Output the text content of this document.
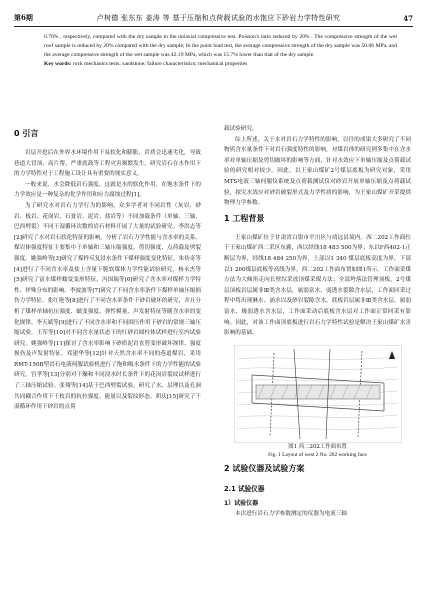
第6期	卢树德 张东东 姜涛 等 基于压缩和点荷载试验的水饱应下砂岩力学特性研究	47
6.70% , respectively, compared with the dry sample in the uniaxial compressive test. Poisson's ratio reduced by 20% . The compressive strength of the wet roof sample is reduced by 20% compared with the dry sample; In the point load test, the average compressive strength of the dry sample was 50.06 MPa, and the average compressive strength of the wet sample was 42.19 MPa, which was 15.7% lower than that of the dry sample.
Key words: rock mechanics tests; sandstone; failure characteristics; mechanical properties
0 引言

岩层开挖后在外界水环境作用下易软化和膨胀，岩质会迅速劣化，导致巷道大冒顶、高片帮、严重底鼓等工程灾害频繁发生。研究岩石在水作用下的力学特性对于工程施工设计具有重要的现实意义。

一般来说，水会降低岩石强度，这就是水的软化作用。在饱水条件下的力学效应是一种复杂的化学作用和应力腐蚀过程[1]。

为了研究水对岩石力学行为的影响，众多学者对不同岩性（灰岩、砂岩、板岩、花岗岩、石膏岩、泥岩、盐岩等）不同加载条件（单轴、三轴、巴西劈裂）不同干湿循环次数的岩石材料开展了大量的试验研究。李洪志等[2]研究了水对岩石软化特征的影响，分析了岩石力学性能与含水率的关系。煤岩体强度特征主要集中于单轴和三轴压缩强度、剪切强度、点荷载及劈裂强度。姚强岭等[3]研究了煤样反复浸水条件下煤样强度变化特征。朱传奇等[4]进行了不同含水率及盐上含量下脆软煤体力学性能试验研究。杨永杰等[5]研究了富水煤样蠕变变形特征。冯国瑞等[6]研究了含水率对煤样力学特性、抨殊分布的影响。李波波等[7]研究了不同含水率条件下煤样单轴压缩损伤力学特征。张红艳等[8]进行了不同含水率条件下砂岩破坏的研究，并且分析了煤样单轴抗压强度、蠕变强度、弹性模量、声发射特征等随含水率的变化规律。李天斌等[9]进行了不同含水率和不同围压作用下砂岩的常规三轴压缩试验。王军等[10]对不同含水量状态下的红砂岩圆柱体试样进行室内试验研究。姚强岭等[11]探讨了含水率影响下砂质泥岩直剪变形破坏规律、强度损伤及声发射特征。邓建华等[12]针对天然含水率不同的巷道煤岩，采用RMT-150B型岩石电液伺服试验机进行了饱和吸水条件下的力学性能的试验研究。宫孝等[13]分别对干燥和不同浸水时长条件下的花岗岩裂纹试样进行了三轴压缩试验。张翔等[14]基于巴西劈裂试验，研究了水、层理以及孔洞共同耦合作用下千枚岩的抗拉强度、能量以及裂纹形态。胡庆[15]研究了干湿循环作用下砂岩的点荷

载试验研究。

综上所述，关于水对岩石力学特性的影响，以往的成果大多研究了不同物质含水量条件下对岩石强度特性的影响，对煤岩体的研究则多集中在含水率对单轴压缩及剪切破坏的影响等方面，针对水效应下单轴压缩及点荷载试验的研究相对较少。因此，以王家山煤矿2号煤层底板为研究对象，采用MTS电液三轴伺服仪系统及点荷载测试仪对砂岩开展单轴压缩及点荷载试验，探究水效应对砂岩破裂形式及力学性质的影响，为王家山煤矿开采提供物理力学参数。

1 工程背景

王家山煤矿位于甘肃省白银市平川区与靖远县境内。西二202工作面位于王家山煤矿西二采区东翼，西以经线18 483 500为界；东以F西402-1正断层为界，经线18 484 250为界，上部以1 340 煤层底板高度为界，下部以1 260煤层底板等高线为界。西二202工作面布置如图1所示。工作面采煤方法为大倾角走向长壁综采放顶煤采煤方法；全部垮落法管理顶板。2号煤层顶板岩层属非Ⅲ类含水层，属弱富水、弱透水裂隙含水层，工作面回采过程中将出现淋水、涌水以及砂岩裂隙含水，底板岩层属非Ⅲ类含水层，属弱富水、极弱透水含水层，工作面采动后底板含水层对工作面正常回采有影响。因此，对该工作面顶底板进行岩石力学特性试验是解决王家山煤矿水害影响的基础。

图1 西二202工作面布置
Fig. 1 Layout of west 2 No. 202 working face
2 试验仪器及试验方案
2.1 试验仪器
1）试验仪器

本次进行岩石力学参数测定的仪器为电液三轴
